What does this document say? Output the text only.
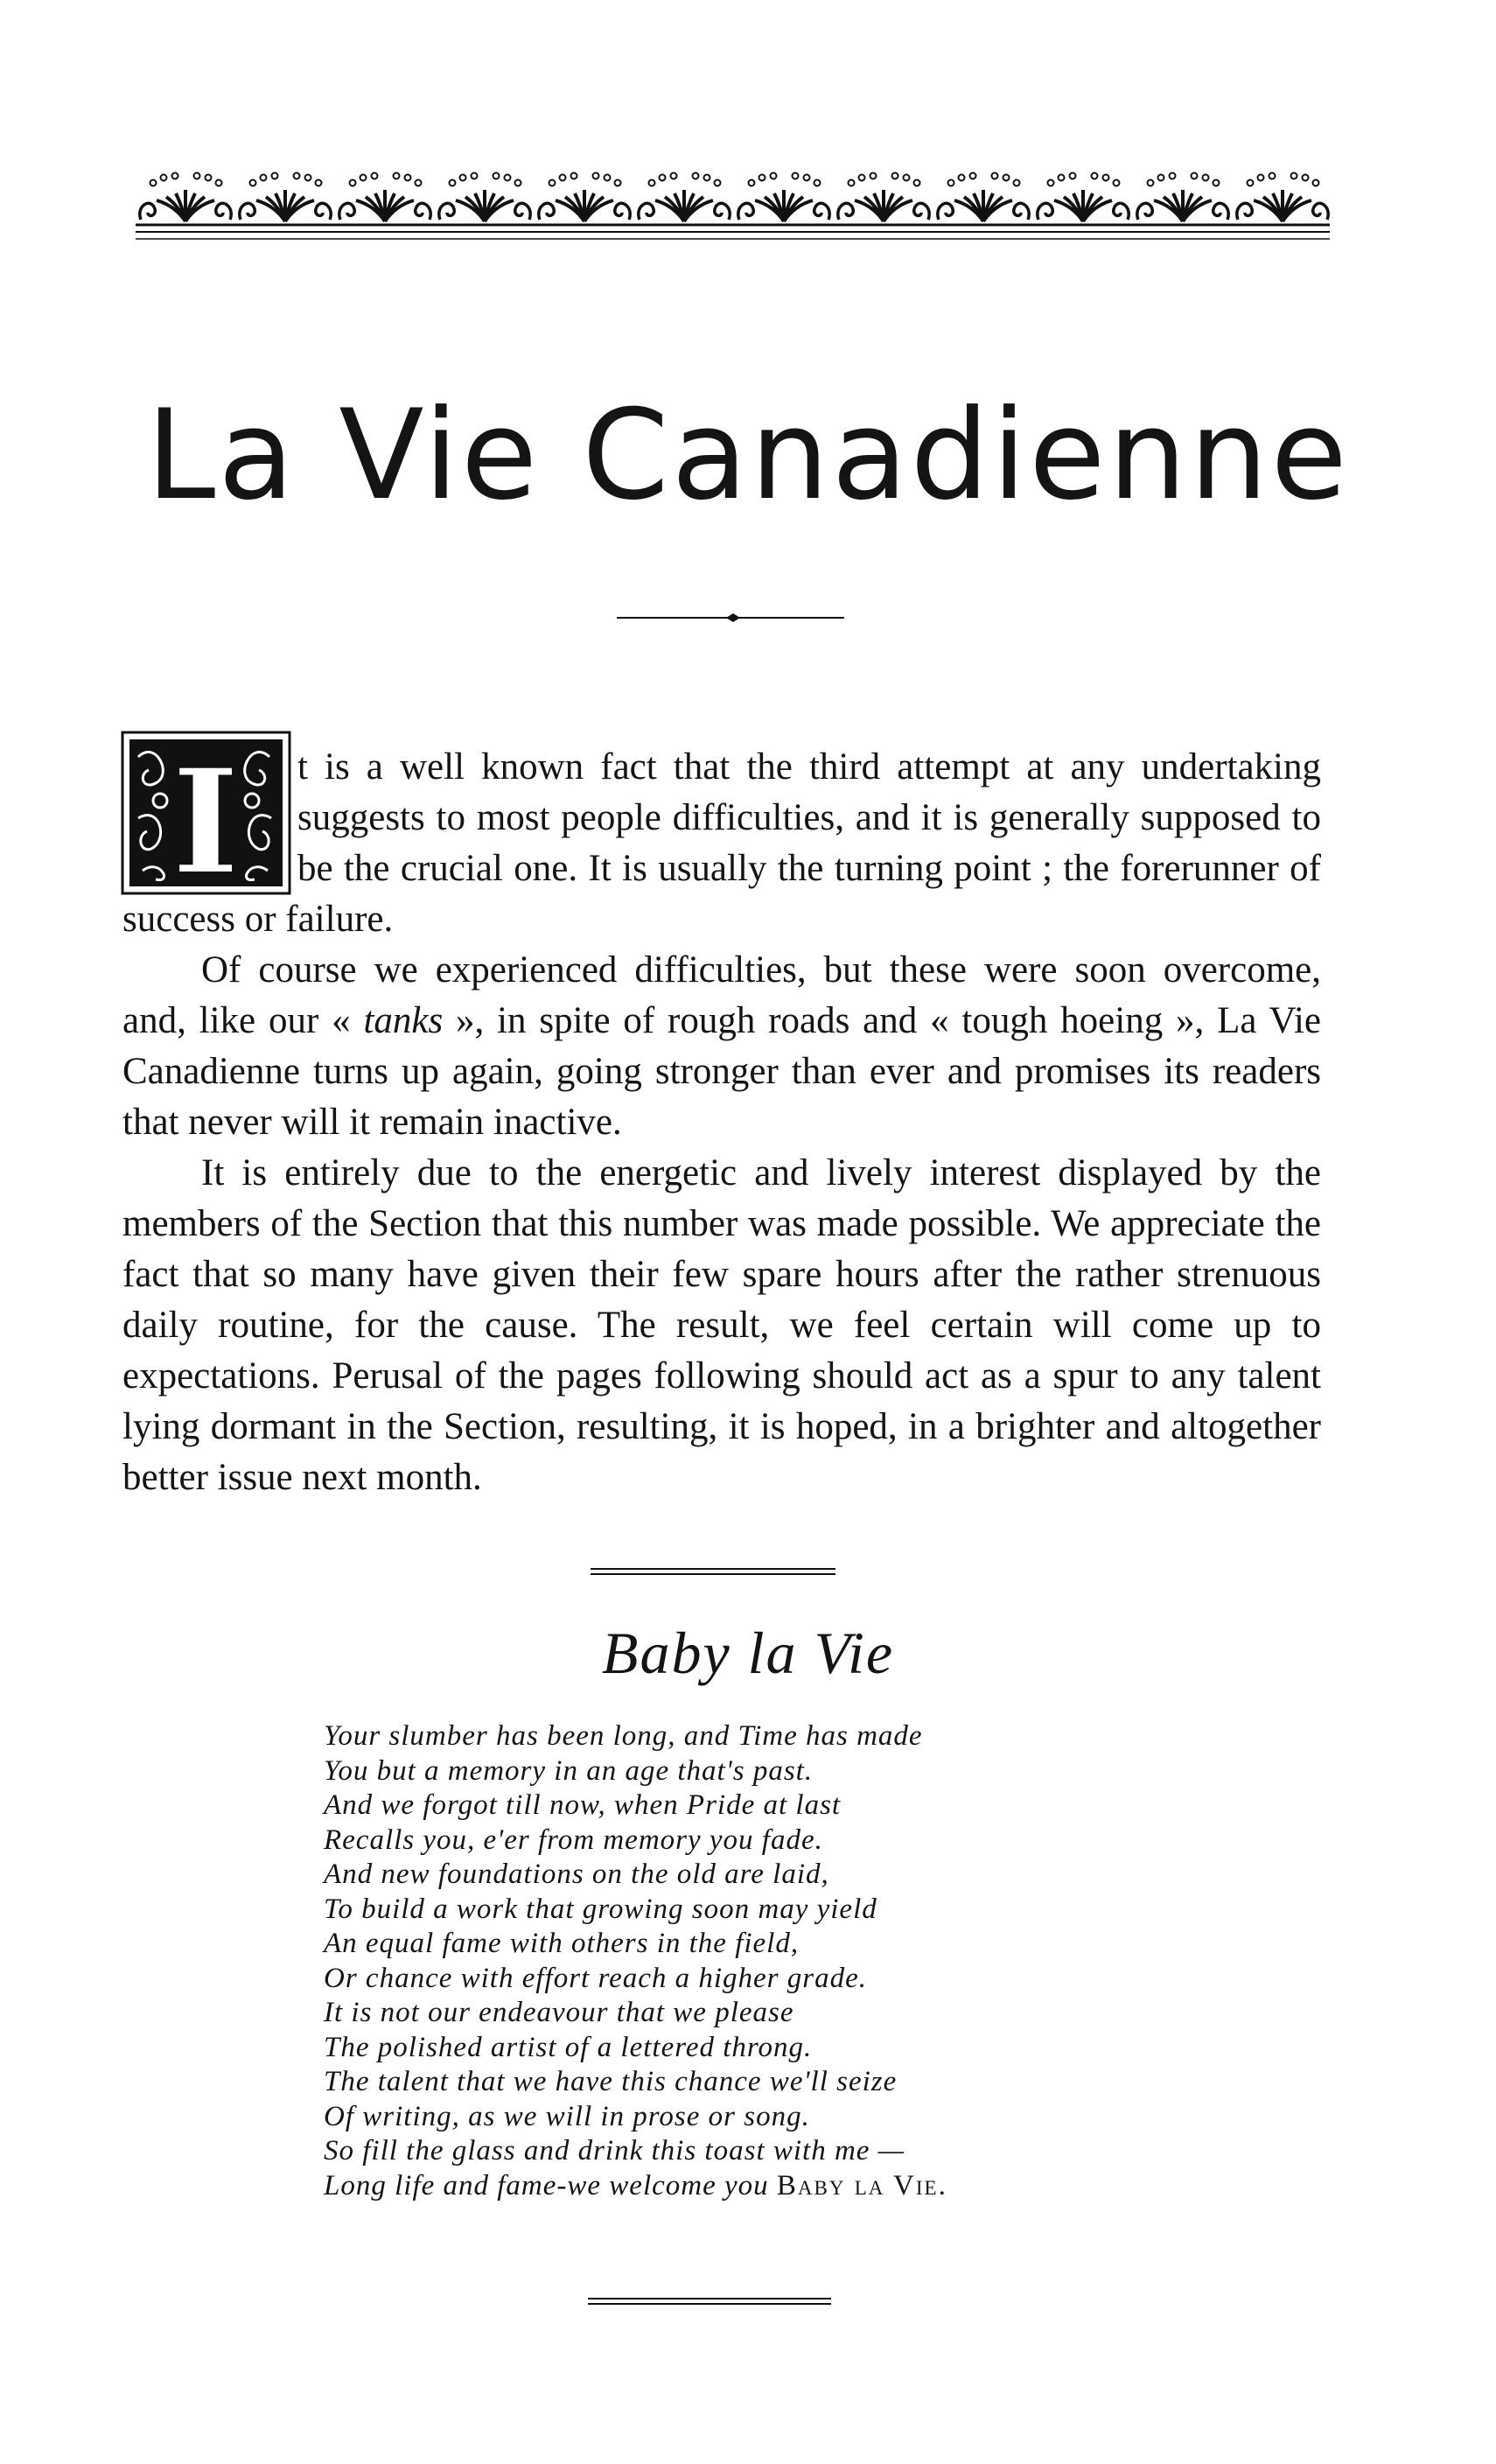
La Vie Canadienne
I	t is a well known fact that the third attempt at any undertaking suggests to most people difficulties, and it is generally supposed to be the crucial one. It is usually the turning point ; the forerunner of success or failure.

Of course we experienced difficulties, but these were soon overcome, and, like our « tanks », in spite of rough roads and « tough hoeing », La Vie Canadienne turns up again, going stronger than ever and promises its readers that never will it remain inactive.

It is entirely due to the energetic and lively interest displayed by the members of the Section that this number was made possible. We appreciate the fact that so many have given their few spare hours after the rather strenuous daily routine, for the cause. The result, we feel certain will come up to expectations. Perusal of the pages following should act as a spur to any talent lying dormant in the Section, resulting, it is hoped, in a brighter and altogether better issue next month.

Baby la Vie
Your slumber has been long, and Time has made
You but a memory in an age that's past.
And we forgot till now, when Pride at last
Recalls you, e'er from memory you fade.
And new foundations on the old are laid,
To build a work that growing soon may yield
An equal fame with others in the field,
Or chance with effort reach a higher grade.
It is not our endeavour that we please
The polished artist of a lettered throng.
The talent that we have this chance we'll seize
Of writing, as we will in prose or song.
So fill the glass and drink this toast with me —
Long life and fame-we welcome you Baby la Vie.
